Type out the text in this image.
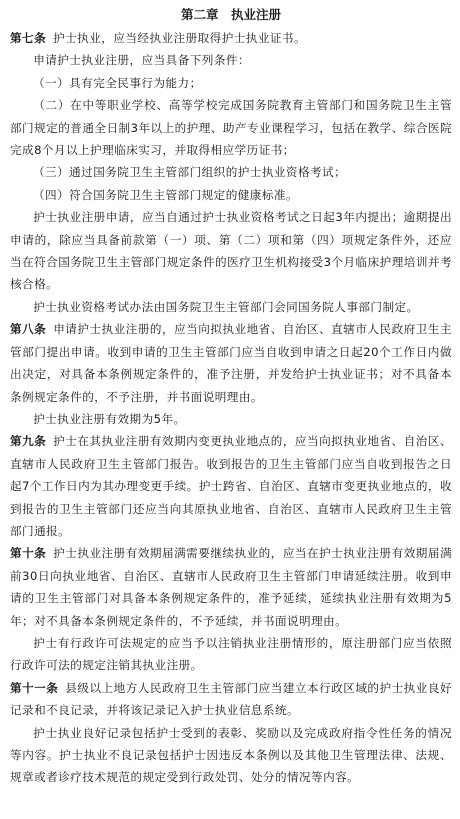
第二章　执业注册

第七条 护士执业，应当经执业注册取得护士执业证书。

申请护士执业注册，应当具备下列条件：

（一）具有完全民事行为能力；

（二）在中等职业学校、高等学校完成国务院教育主管部门和国务院卫生主管部门规定的普通全日制3年以上的护理、助产专业课程学习，包括在教学、综合医院完成8个月以上护理临床实习，并取得相应学历证书；

（三）通过国务院卫生主管部门组织的护士执业资格考试；

（四）符合国务院卫生主管部门规定的健康标准。

护士执业注册申请，应当自通过护士执业资格考试之日起3年内提出；逾期提出申请的，除应当具备前款第（一）项、第（二）项和第（四）项规定条件外，还应当在符合国务院卫生主管部门规定条件的医疗卫生机构接受3个月临床护理培训并考核合格。

护士执业资格考试办法由国务院卫生主管部门会同国务院人事部门制定。

第八条 申请护士执业注册的，应当向拟执业地省、自治区、直辖市人民政府卫生主管部门提出申请。收到申请的卫生主管部门应当自收到申请之日起20个工作日内做出决定，对具备本条例规定条件的，准予注册，并发给护士执业证书；对不具备本条例规定条件的，不予注册，并书面说明理由。

护士执业注册有效期为5年。

第九条 护士在其执业注册有效期内变更执业地点的，应当向拟执业地省、自治区、直辖市人民政府卫生主管部门报告。收到报告的卫生主管部门应当自收到报告之日起7个工作日内为其办理变更手续。护士跨省、自治区、直辖市变更执业地点的，收到报告的卫生主管部门还应当向其原执业地省、自治区、直辖市人民政府卫生主管部门通报。

第十条 护士执业注册有效期届满需要继续执业的，应当在护士执业注册有效期届满前30日向执业地省、自治区、直辖市人民政府卫生主管部门申请延续注册。收到申请的卫生主管部门对具备本条例规定条件的，准予延续，延续执业注册有效期为5年；对不具备本条例规定条件的，不予延续，并书面说明理由。

护士有行政许可法规定的应当予以注销执业注册情形的，原注册部门应当依照行政许可法的规定注销其执业注册。

第十一条 县级以上地方人民政府卫生主管部门应当建立本行政区域的护士执业良好记录和不良记录，并将该记录记入护士执业信息系统。

护士执业良好记录包括护士受到的表彰、奖励以及完成政府指令性任务的情况等内容。护士执业不良记录包括护士因违反本条例以及其他卫生管理法律、法规、规章或者诊疗技术规范的规定受到行政处罚、处分的情况等内容。
